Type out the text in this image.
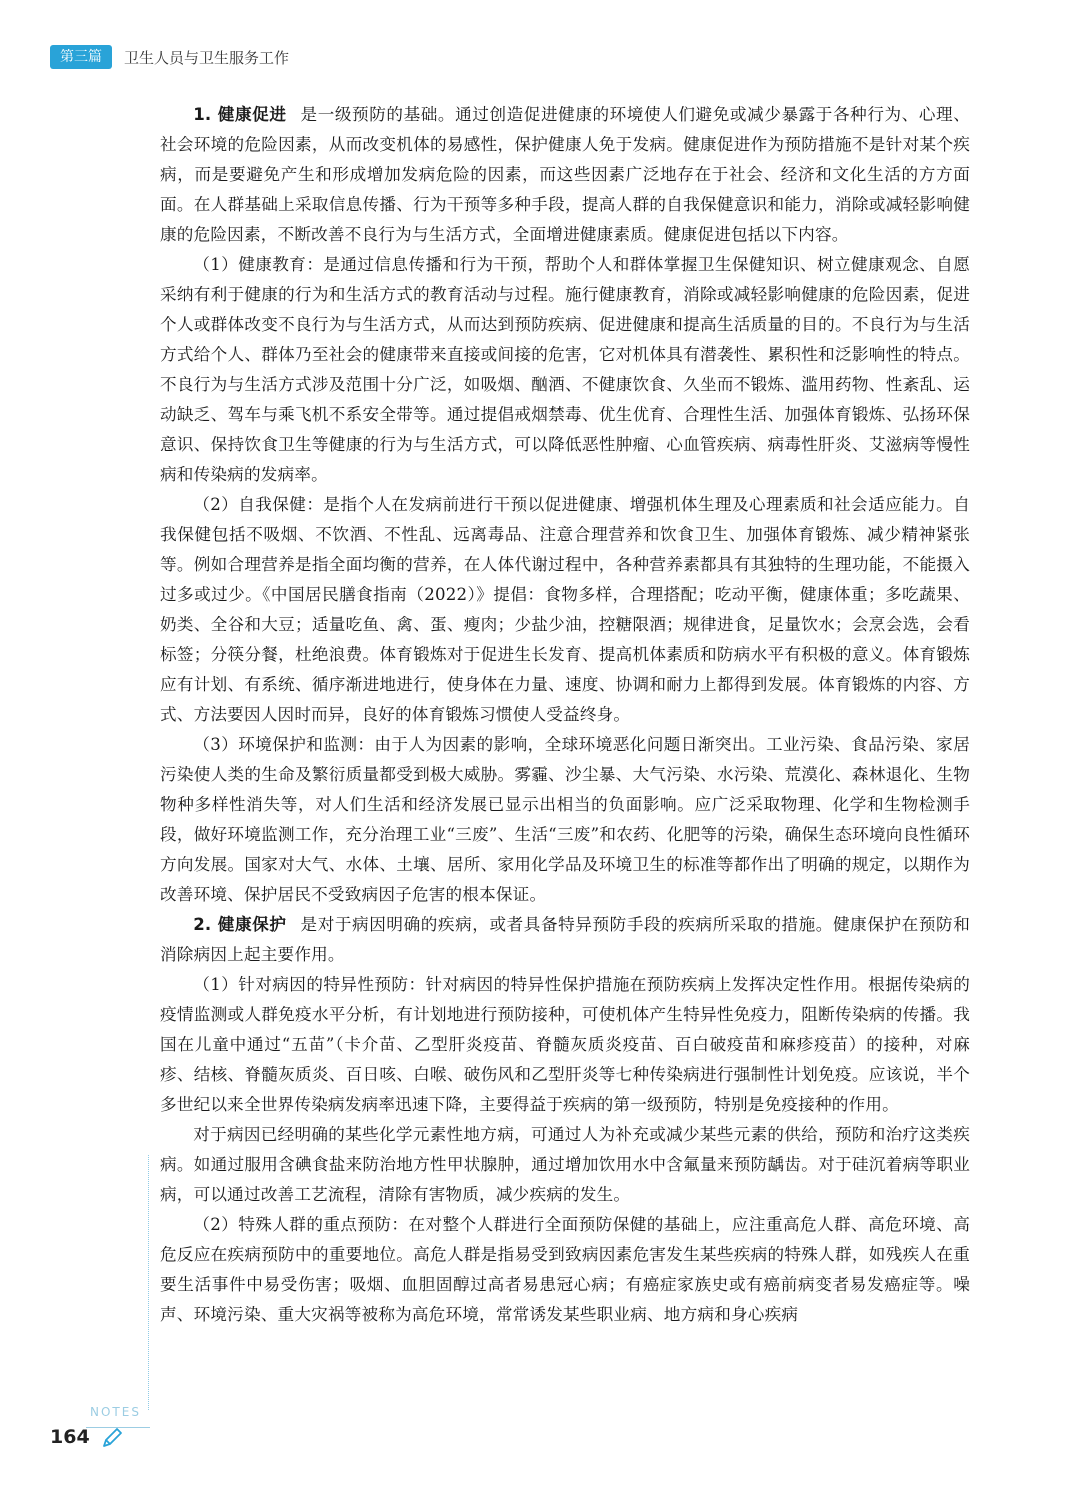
第三篇	卫生人员与卫生服务工作

1. 健康促进 是一级预防的基础。通过创造促进健康的环境使人们避免或减少暴露于各种行为、心理、社会环境的危险因素，从而改变机体的易感性，保护健康人免于发病。健康促进作为预防措施不是针对某个疾病，而是要避免产生和形成增加发病危险的因素，而这些因素广泛地存在于社会、经济和文化生活的方方面面。在人群基础上采取信息传播、行为干预等多种手段，提高人群的自我保健意识和能力，消除或减轻影响健康的危险因素，不断改善不良行为与生活方式，全面增进健康素质。健康促进包括以下内容。

（1）健康教育：是通过信息传播和行为干预，帮助个人和群体掌握卫生保健知识、树立健康观念、自愿采纳有利于健康的行为和生活方式的教育活动与过程。施行健康教育，消除或减轻影响健康的危险因素，促进个人或群体改变不良行为与生活方式，从而达到预防疾病、促进健康和提高生活质量的目的。不良行为与生活方式给个人、群体乃至社会的健康带来直接或间接的危害，它对机体具有潜袭性、累积性和泛影响性的特点。不良行为与生活方式涉及范围十分广泛，如吸烟、酗酒、不健康饮食、久坐而不锻炼、滥用药物、性紊乱、运动缺乏、驾车与乘飞机不系安全带等。通过提倡戒烟禁毒、优生优育、合理性生活、加强体育锻炼、弘扬环保意识、保持饮食卫生等健康的行为与生活方式，可以降低恶性肿瘤、心血管疾病、病毒性肝炎、艾滋病等慢性病和传染病的发病率。

（2）自我保健：是指个人在发病前进行干预以促进健康、增强机体生理及心理素质和社会适应能力。自我保健包括不吸烟、不饮酒、不性乱、远离毒品、注意合理营养和饮食卫生、加强体育锻炼、减少精神紧张等。例如合理营养是指全面均衡的营养，在人体代谢过程中，各种营养素都具有其独特的生理功能，不能摄入过多或过少。《中国居民膳食指南（2022）》提倡：食物多样，合理搭配；吃动平衡，健康体重；多吃蔬果、奶类、全谷和大豆；适量吃鱼、禽、蛋、瘦肉；少盐少油，控糖限酒；规律进食，足量饮水；会烹会选，会看标签；分筷分餐，杜绝浪费。体育锻炼对于促进生长发育、提高机体素质和防病水平有积极的意义。体育锻炼应有计划、有系统、循序渐进地进行，使身体在力量、速度、协调和耐力上都得到发展。体育锻炼的内容、方式、方法要因人因时而异，良好的体育锻炼习惯使人受益终身。

（3）环境保护和监测：由于人为因素的影响，全球环境恶化问题日渐突出。工业污染、食品污染、家居污染使人类的生命及繁衍质量都受到极大威胁。雾霾、沙尘暴、大气污染、水污染、荒漠化、森林退化、生物物种多样性消失等，对人们生活和经济发展已显示出相当的负面影响。应广泛采取物理、化学和生物检测手段，做好环境监测工作，充分治理工业“三废”、生活“三废”和农药、化肥等的污染，确保生态环境向良性循环方向发展。国家对大气、水体、土壤、居所、家用化学品及环境卫生的标准等都作出了明确的规定，以期作为改善环境、保护居民不受致病因子危害的根本保证。

2. 健康保护 是对于病因明确的疾病，或者具备特异预防手段的疾病所采取的措施。健康保护在预防和消除病因上起主要作用。

（1）针对病因的特异性预防：针对病因的特异性保护措施在预防疾病上发挥决定性作用。根据传染病的疫情监测或人群免疫水平分析，有计划地进行预防接种，可使机体产生特异性免疫力，阻断传染病的传播。我国在儿童中通过“五苗”（卡介苗、乙型肝炎疫苗、脊髓灰质炎疫苗、百白破疫苗和麻疹疫苗）的接种，对麻疹、结核、脊髓灰质炎、百日咳、白喉、破伤风和乙型肝炎等七种传染病进行强制性计划免疫。应该说，半个多世纪以来全世界传染病发病率迅速下降，主要得益于疾病的第一级预防，特别是免疫接种的作用。

对于病因已经明确的某些化学元素性地方病，可通过人为补充或减少某些元素的供给，预防和治疗这类疾病。如通过服用含碘食盐来防治地方性甲状腺肿，通过增加饮用水中含氟量来预防龋齿。对于硅沉着病等职业病，可以通过改善工艺流程，清除有害物质，减少疾病的发生。

（2）特殊人群的重点预防：在对整个人群进行全面预防保健的基础上，应注重高危人群、高危环境、高危反应在疾病预防中的重要地位。高危人群是指易受到致病因素危害发生某些疾病的特殊人群，如残疾人在重要生活事件中易受伤害；吸烟、血胆固醇过高者易患冠心病；有癌症家族史或有癌前病变者易发癌症等。噪声、环境污染、重大灾祸等被称为高危环境，常常诱发某些职业病、地方病和身心疾病

NOTES
164
